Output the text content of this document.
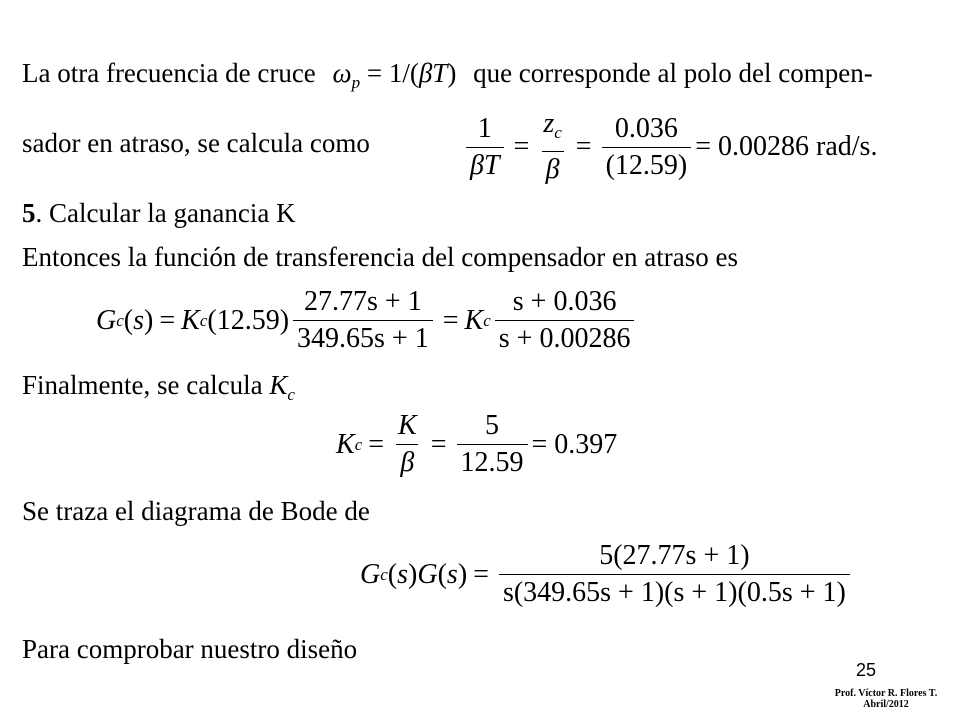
La otra frecuencia de cruce $\omega_p = 1/(\beta T)$ que corresponde al polo del compen-
sador en atraso, se calcula como	$\frac{1}{\beta T} = \frac{z_c}{\beta} = \frac{0.036}{(12.59)} = 0.00286$ rad/s.
5. Calcular la ganancia K
Entonces la función de transferencia del compensador en atraso es
G c ( s ) = K c ( 12.59 ) $\frac{27.77s + 1}{349.65s + 1} = K$ c $\frac{s + 0.036}{s + 0.00286}$
Finalmente, se calcula $K_c$
K $c = \frac{K}{\beta} = \frac{5}{12.59} = 0.397$
Se traza el diagrama de Bode de
G c ( s ) G ( s ) = $\frac{5(27.77s + 1)}{s(349.65s + 1)(s + 1)(0.5s + 1)}$
Para comprobar nuestro diseño
25
Prof. Víctor R. Flores T.
Abril/2012
